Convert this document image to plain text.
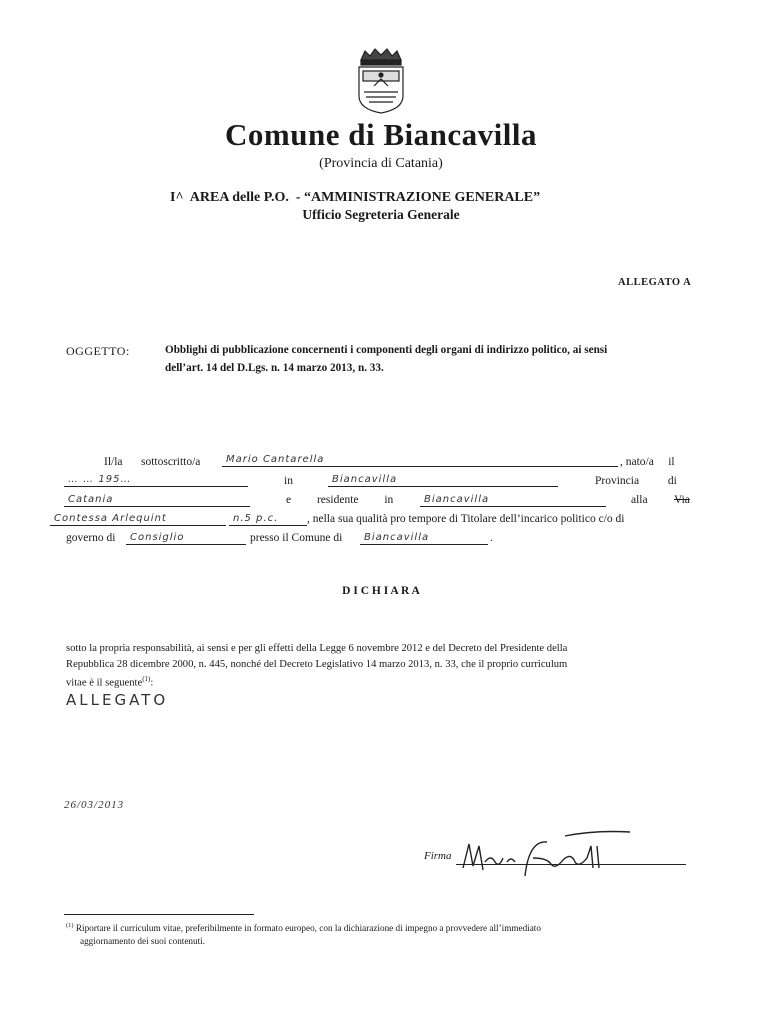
Comune di Biancavilla
(Provincia di Catania)
I^  AREA delle P.O.  - “AMMINISTRAZIONE GENERALE”
Ufficio Segreteria Generale
ALLEGATO A
OGGETTO:	Obblighi di pubblicazione concernenti i componenti degli organi di indirizzo politico, ai sensi
dell’art. 14 del D.Lgs. n. 14 marzo 2013, n. 33.
Il/la sottoscritto/a	Mario Cantarella	, nato/a     il
… … 195…	in	Biancavilla	Provincia          di
Catania	e         residente         in	Biancavilla	alla Via
Contessa Arlequint	n.5 p.c. , nella sua qualità pro tempore di Titolare dell’incarico politico c/o di
governo di Consiglio	presso il Comune di Biancavilla	.
D I C H I A R A
sotto la propria responsabilità, ai sensi e per gli effetti della Legge 6 novembre 2012 e del Decreto del Presidente della
Repubblica 28 dicembre 2000, n. 445, nonché del Decreto Legislativo 14 marzo 2013, n. 33, che il proprio curriculum
vitae è il seguente$^{(1)}$:
ALLEGATO
26/03/2013
Firma
$^{(1)}$ Riportare il curriculum vitae, preferibilmente in formato europeo, con la dichiarazione di impegno a provvedere all’immediato
aggiornamento dei suoi contenuti.
